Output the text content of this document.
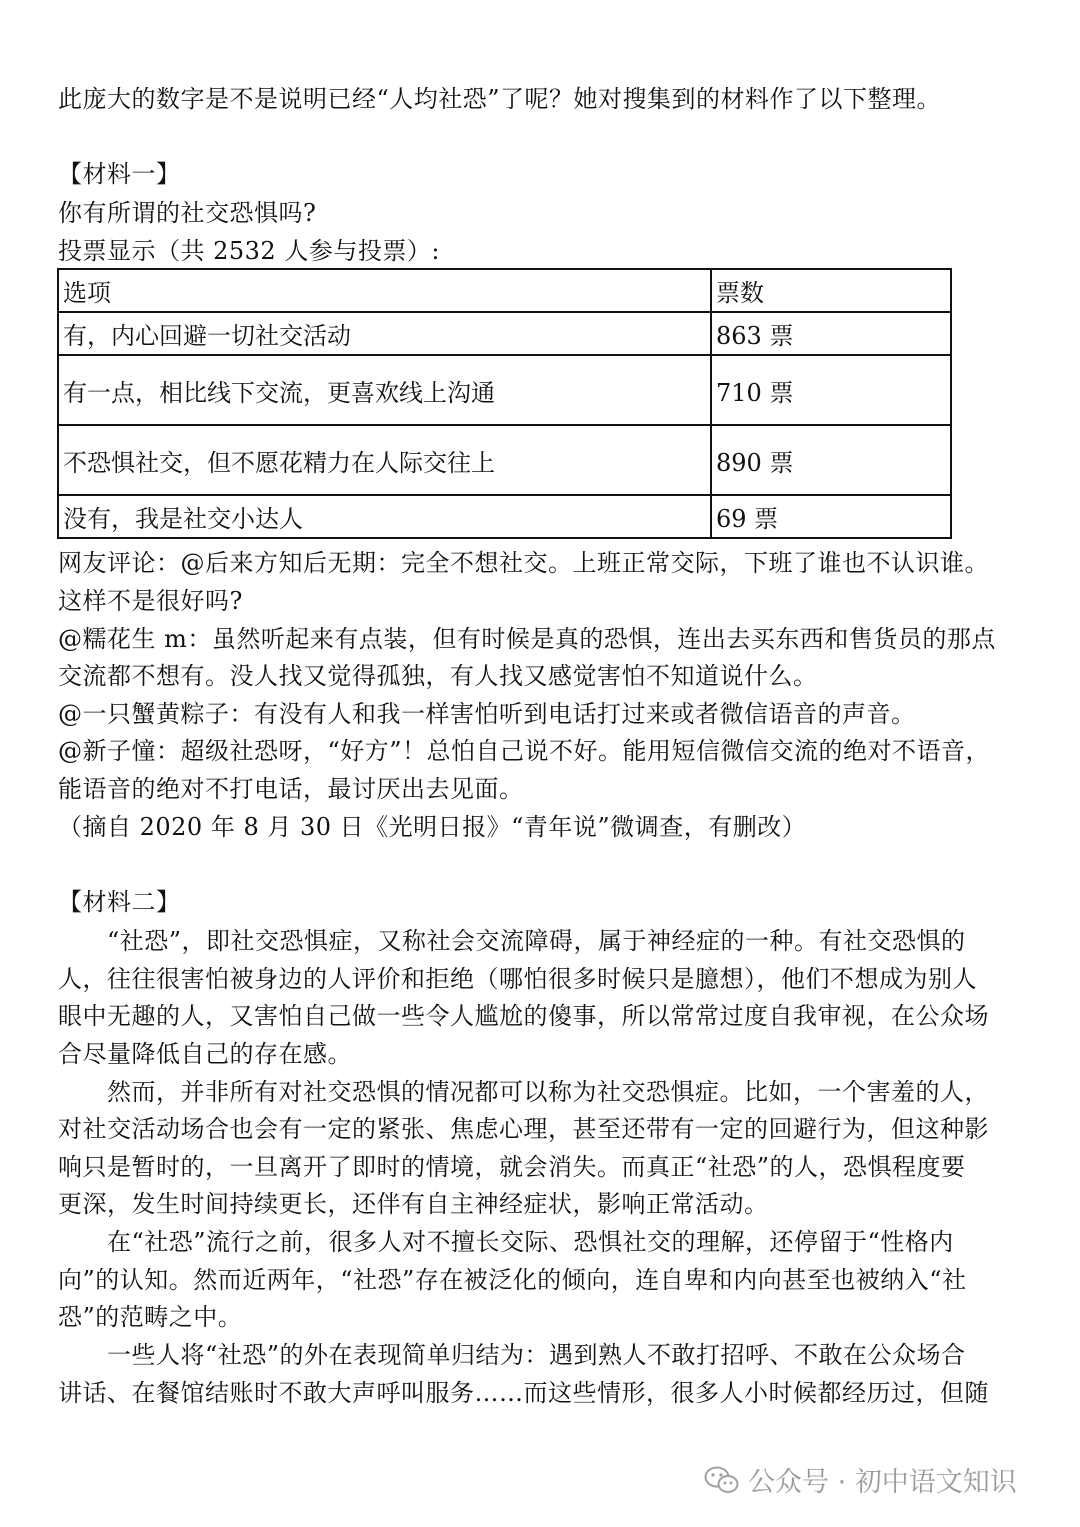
此庞大的数字是不是说明已经“人均社恐”了呢？她对搜集到的材料作了以下整理。
【材料一】
你有所谓的社交恐惧吗?
投票显示（共 2532 人参与投票）:
选项	票数
有，内心回避一切社交活动	863 票
有一点，相比线下交流，更喜欢线上沟通	710 票
不恐惧社交，但不愿花精力在人际交往上	890 票
没有，我是社交小达人	69 票
网友评论：@后来方知后无期：完全不想社交。上班正常交际，下班了谁也不认识谁。
这样不是很好吗?
@糯花生 m：虽然听起来有点装，但有时候是真的恐惧，连出去买东西和售货员的那点
交流都不想有。没人找又觉得孤独，有人找又感觉害怕不知道说什么。
@一只蟹黄粽子：有没有人和我一样害怕听到电话打过来或者微信语音的声音。
@新子憧：超级社恐呀，“好方”！总怕自己说不好。能用短信微信交流的绝对不语音，
能语音的绝对不打电话，最讨厌出去见面。
（摘自 2020 年 8 月 30 日《光明日报》“青年说”微调查，有删改）
【材料二】
　　“社恐”，即社交恐惧症，又称社会交流障碍，属于神经症的一种。有社交恐惧的
人，往往很害怕被身边的人评价和拒绝（哪怕很多时候只是臆想），他们不想成为别人
眼中无趣的人，又害怕自己做一些令人尴尬的傻事，所以常常过度自我审视，在公众场
合尽量降低自己的存在感。
　　然而，并非所有对社交恐惧的情况都可以称为社交恐惧症。比如，一个害羞的人，
对社交活动场合也会有一定的紧张、焦虑心理，甚至还带有一定的回避行为，但这种影
响只是暂时的，一旦离开了即时的情境，就会消失。而真正“社恐”的人，恐惧程度要
更深，发生时间持续更长，还伴有自主神经症状，影响正常活动。
　　在“社恐”流行之前，很多人对不擅长交际、恐惧社交的理解，还停留于“性格内
向”的认知。然而近两年，“社恐”存在被泛化的倾向，连自卑和内向甚至也被纳入“社
恐”的范畴之中。
　　一些人将“社恐”的外在表现简单归结为：遇到熟人不敢打招呼、不敢在公众场合
讲话、在餐馆结账时不敢大声呼叫服务……而这些情形，很多人小时候都经历过，但随
公众号 · 初中语文知识
